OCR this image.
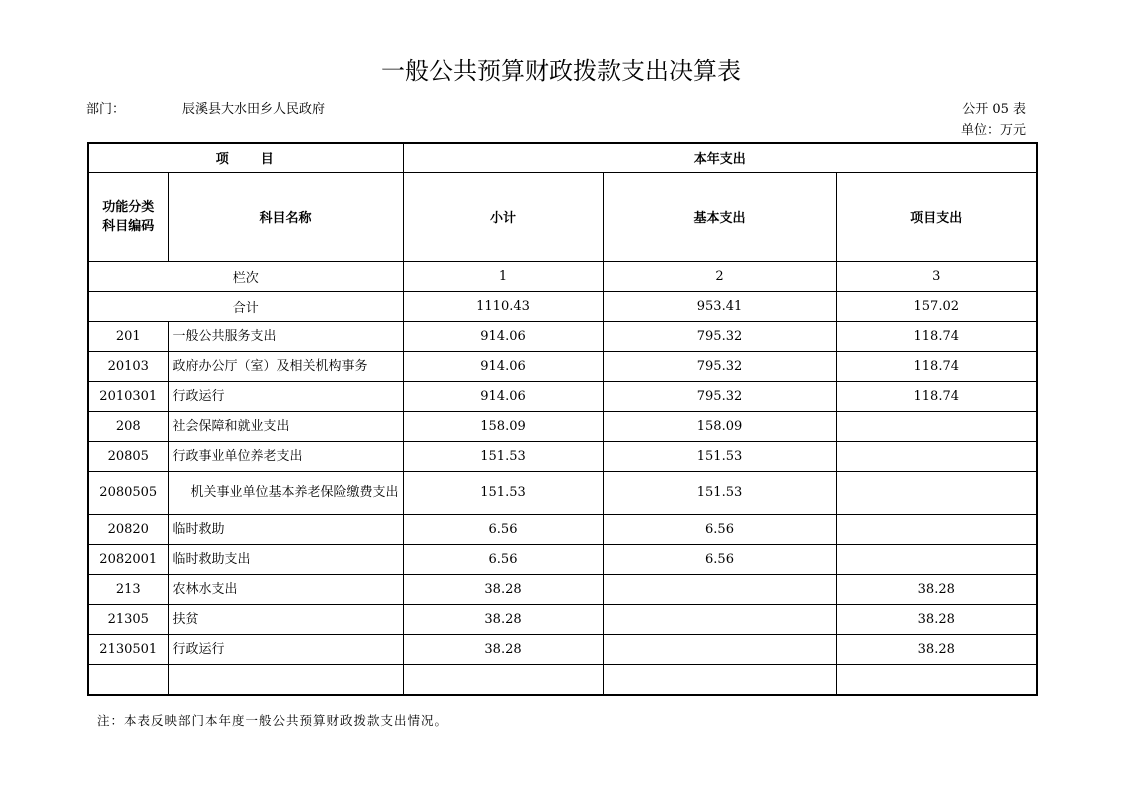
一般公共预算财政拨款支出决算表
部门：	辰溪县大水田乡人民政府	公开 05 表
单位：万元
项　　目		本年支出		
功能分类
科目编码	科目名称	小计	基本支出	项目支出
栏次		1	2	3
合计		1110.43	953.41	157.02
201	一般公共服务支出	914.06	795.32	118.74
20103	政府办公厅（室）及相关机构事务	914.06	795.32	118.74
2010301	行政运行	914.06	795.32	118.74
208	社会保障和就业支出	158.09	158.09	
20805	行政事业单位养老支出	151.53	151.53	
2080505	机关事业单位基本养老保险缴费支出	151.53	151.53	
20820	临时救助	6.56	6.56	
2082001	临时救助支出	6.56	6.56	
213	农林水支出	38.28		38.28
21305	扶贫	38.28		38.28
2130501	行政运行	38.28		38.28

注：本表反映部门本年度一般公共预算财政拨款支出情况。
